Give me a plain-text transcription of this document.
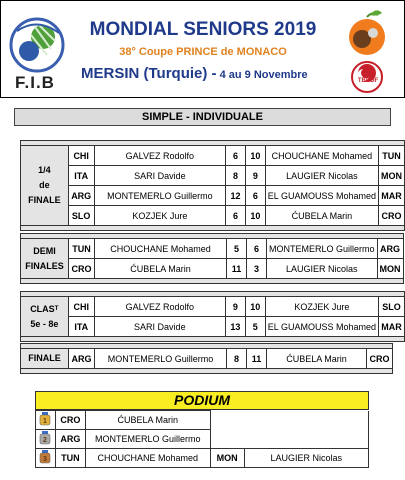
F.I.B
MONDIAL SENIORS 2019
38° Coupe PRINCE de MONACO
MERSIN (Turquie) - 4 au 9 Novembre	TBBDF
SIMPLE - INDIVIDUALE

1/4
de
FINALE	CHI	GALVEZ Rodolfo	6	10	CHOUCHANE Mohamed	TUN
	ITA	SARI Davide	8	9	LAUGIER Nicolas	MON
	ARG	MONTEMERLO Guillermo	12	6	EL GUAMOUSS Mohamed	MAR
	SLO	KOZJEK Jure	6	10	ĆUBELA Marin	CRO

DEMI
FINALES	TUN	CHOUCHANE Mohamed	5	6	MONTEMERLO Guillermo	ARG
	CRO	ĆUBELA Marin	11	3	LAUGIER Nicolas	MON

CLASᵀ
5e - 8e	CHI	GALVEZ Rodolfo	9	10	KOZJEK Jure	SLO
	ITA	SARI Davide	13	5	EL GUAMOUSS Mohamed	MAR

FINALE	ARG	MONTEMERLO Guillermo	8	11	ĆUBELA Marin	CRO

PODIUM
1	CRO	ĆUBELA Marin		

2	ARG	MONTEMERLO Guillermo		

3	TUN	CHOUCHANE Mohamed	MON	LAUGIER Nicolas
